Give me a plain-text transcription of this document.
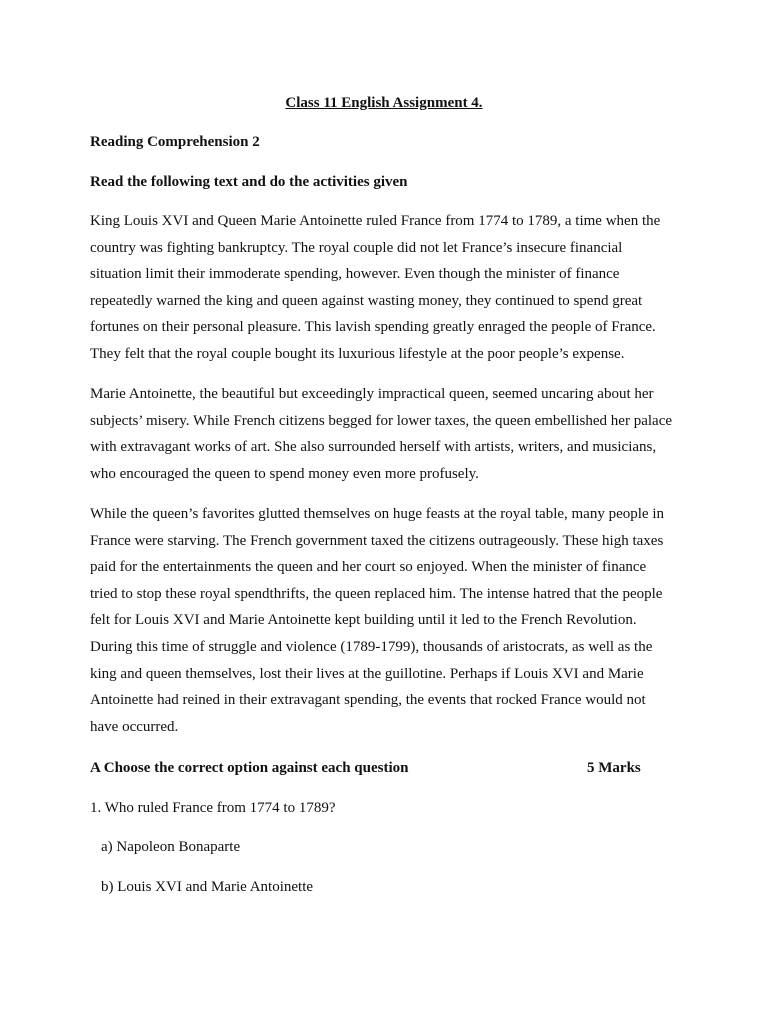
Class 11 English Assignment 4.
Reading Comprehension 2
Read the following text and do the activities given
King Louis XVI and Queen Marie Antoinette ruled France from 1774 to 1789, a time when the
country was fighting bankruptcy. The royal couple did not let France’s insecure financial
situation limit their immoderate spending, however. Even though the minister of finance
repeatedly warned the king and queen against wasting money, they continued to spend great
fortunes on their personal pleasure. This lavish spending greatly enraged the people of France.
They felt that the royal couple bought its luxurious lifestyle at the poor people’s expense.
Marie Antoinette, the beautiful but exceedingly impractical queen, seemed uncaring about her
subjects’ misery. While French citizens begged for lower taxes, the queen embellished her palace
with extravagant works of art. She also surrounded herself with artists, writers, and musicians,
who encouraged the queen to spend money even more profusely.
While the queen’s favorites glutted themselves on huge feasts at the royal table, many people in
France were starving. The French government taxed the citizens outrageously. These high taxes
paid for the entertainments the queen and her court so enjoyed. When the minister of finance
tried to stop these royal spendthrifts, the queen replaced him. The intense hatred that the people
felt for Louis XVI and Marie Antoinette kept building until it led to the French Revolution.
During this time of struggle and violence (1789-1799), thousands of aristocrats, as well as the
king and queen themselves, lost their lives at the guillotine. Perhaps if Louis XVI and Marie
Antoinette had reined in their extravagant spending, the events that rocked France would not
have occurred.
A Choose the correct option against each question	5 Marks
1. Who ruled France from 1774 to 1789?
a) Napoleon Bonaparte
b) Louis XVI and Marie Antoinette
